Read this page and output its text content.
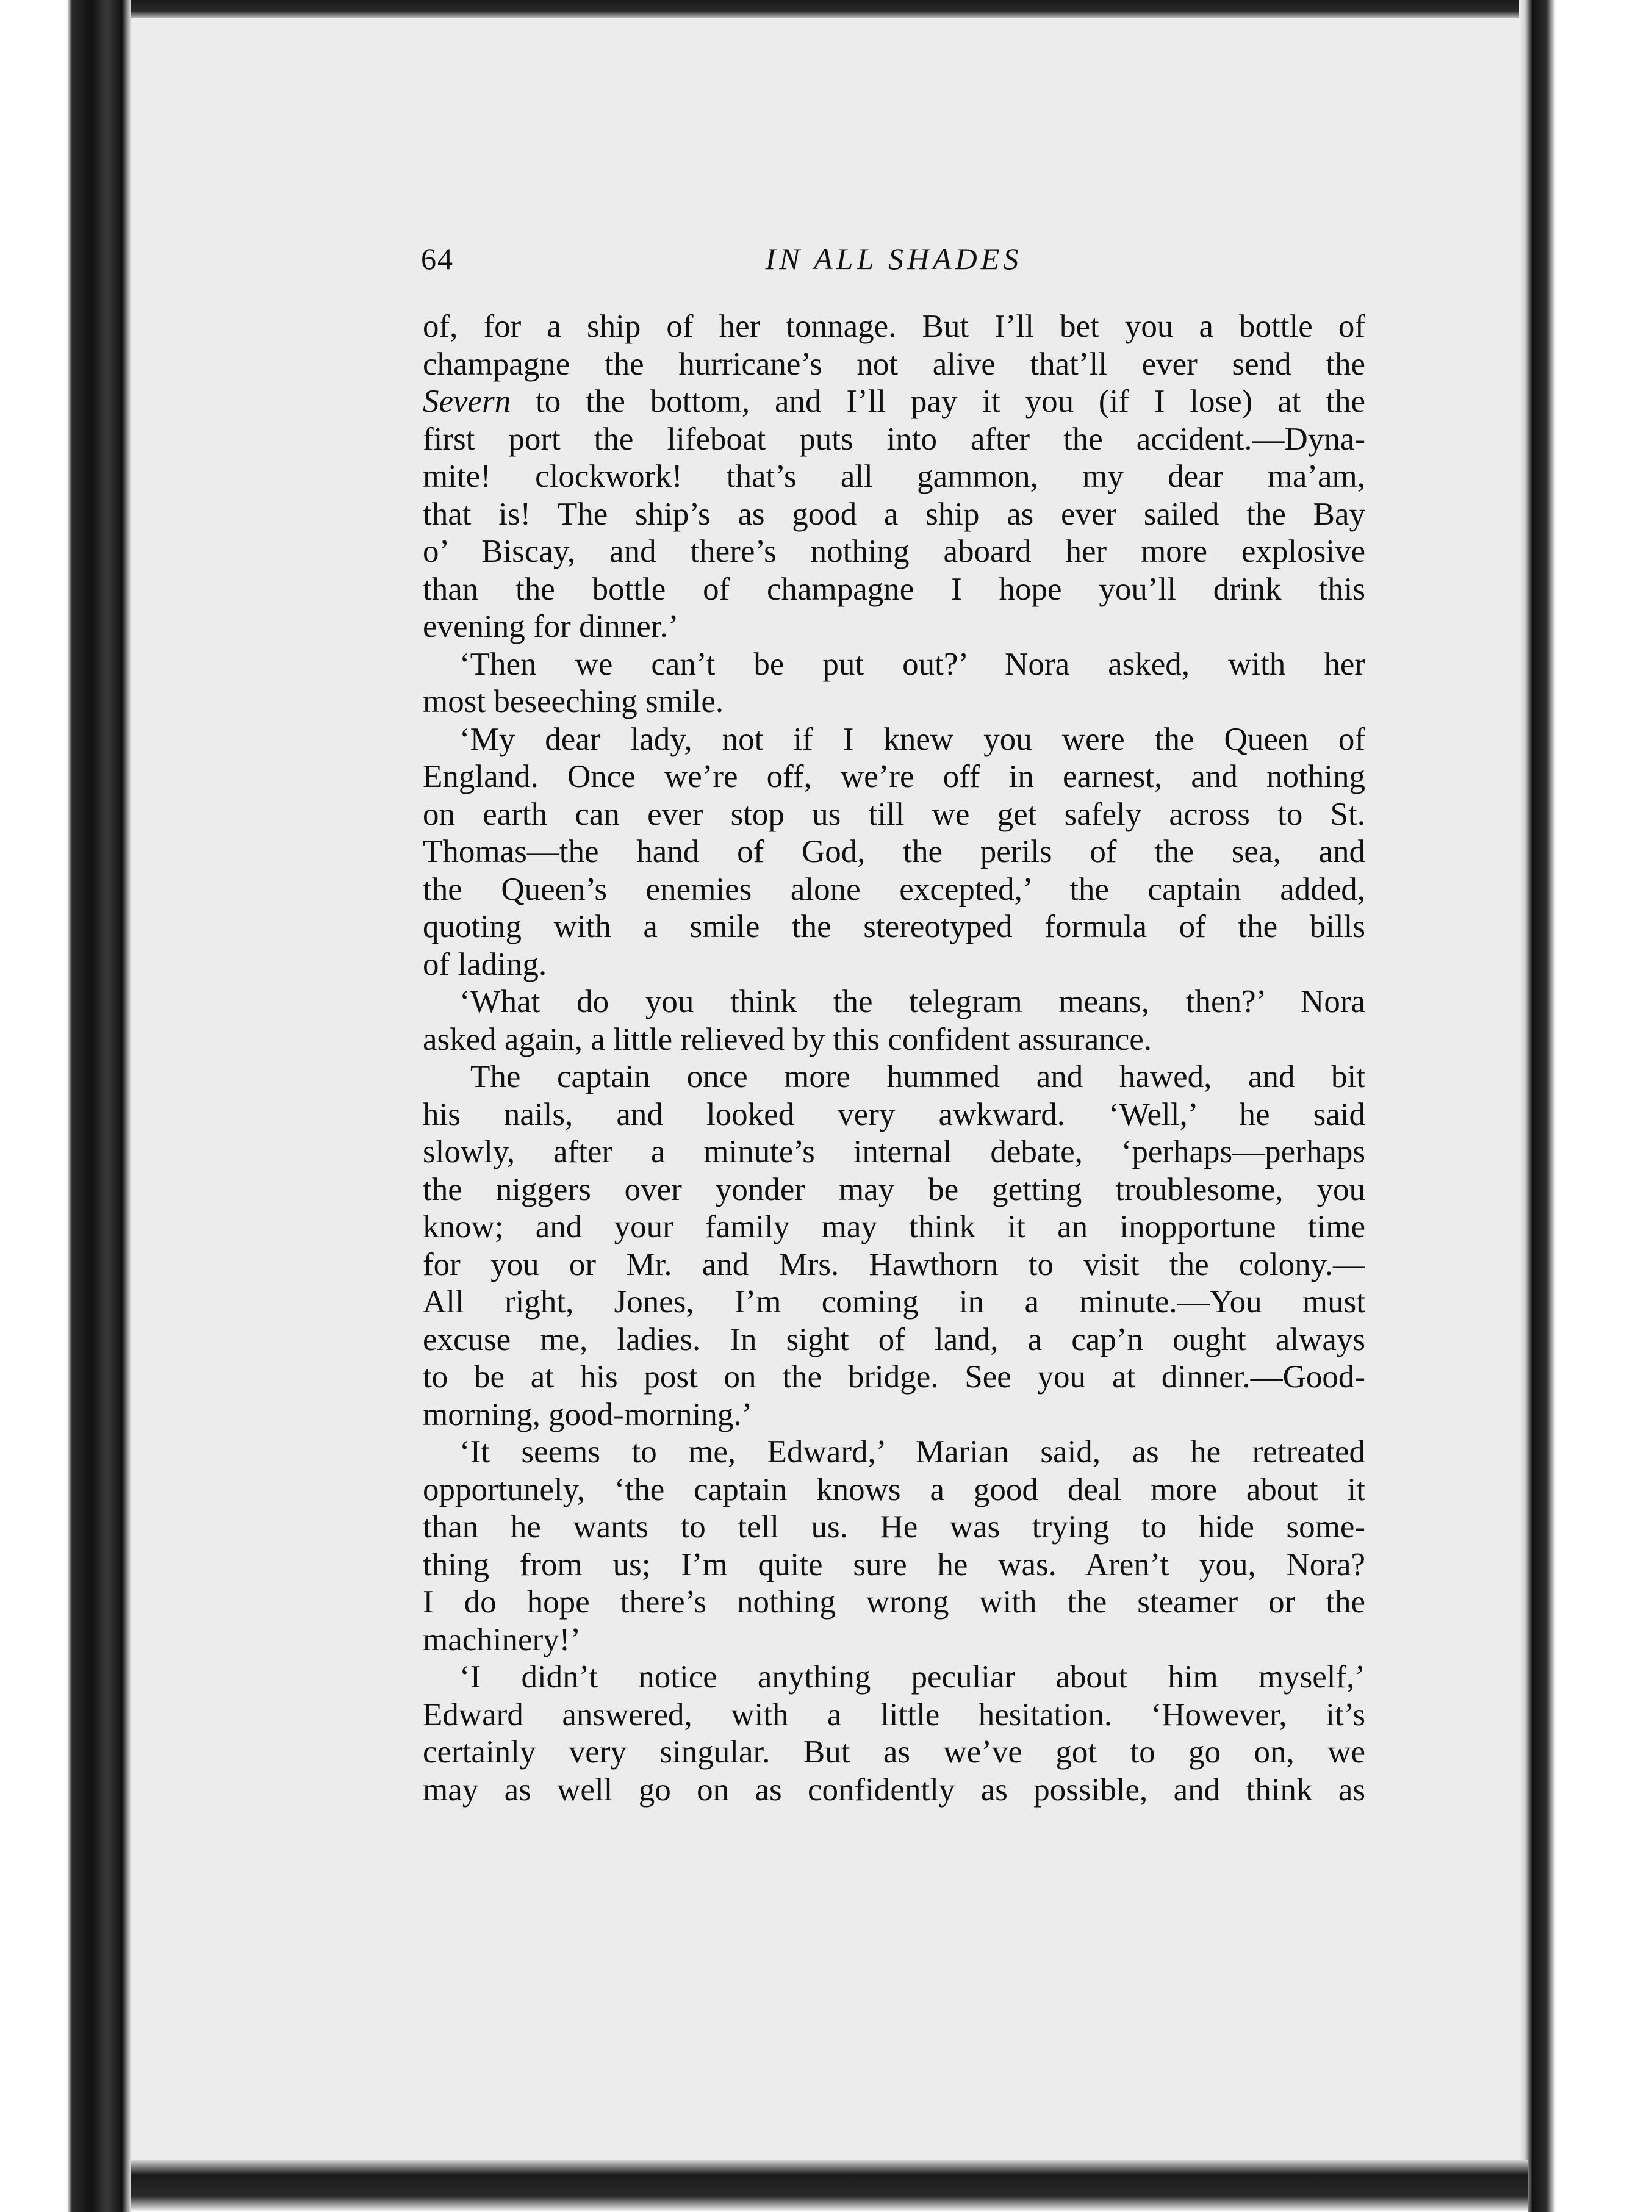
64	IN ALL SHADES
of, for a ship of her tonnage. But I’ll bet you a bottle of
champagne the hurricane’s not alive that’ll ever send the
Severn to the bottom, and I’ll pay it you (if I lose) at the
first port the lifeboat puts into after the accident.—Dyna-
mite! clockwork! that’s all gammon, my dear ma’am,
that is! The ship’s as good a ship as ever sailed the Bay
o’ Biscay, and there’s nothing aboard her more explosive
than the bottle of champagne I hope you’ll drink this
evening for dinner.’
‘Then we can’t be put out?’ Nora asked, with her
most beseeching smile.
‘My dear lady, not if I knew you were the Queen of
England. Once we’re off, we’re off in earnest, and nothing
on earth can ever stop us till we get safely across to St.
Thomas—the hand of God, the perils of the sea, and
the Queen’s enemies alone excepted,’ the captain added,
quoting with a smile the stereotyped formula of the bills
of lading.
‘What do you think the telegram means, then?’ Nora
asked again, a little relieved by this confident assurance.
The captain once more hummed and hawed, and bit
his nails, and looked very awkward. ‘Well,’ he said
slowly, after a minute’s internal debate, ‘perhaps—perhaps
the niggers over yonder may be getting troublesome, you
know; and your family may think it an inopportune time
for you or Mr. and Mrs. Hawthorn to visit the colony.—
All right, Jones, I’m coming in a minute.—You must
excuse me, ladies. In sight of land, a cap’n ought always
to be at his post on the bridge. See you at dinner.—Good-
morning, good-morning.’
‘It seems to me, Edward,’ Marian said, as he retreated
opportunely, ‘the captain knows a good deal more about it
than he wants to tell us. He was trying to hide some-
thing from us; I’m quite sure he was. Aren’t you, Nora?
I do hope there’s nothing wrong with the steamer or the
machinery!’
‘I didn’t notice anything peculiar about him myself,’
Edward answered, with a little hesitation. ‘However, it’s
certainly very singular. But as we’ve got to go on, we
may as well go on as confidently as possible, and think as
